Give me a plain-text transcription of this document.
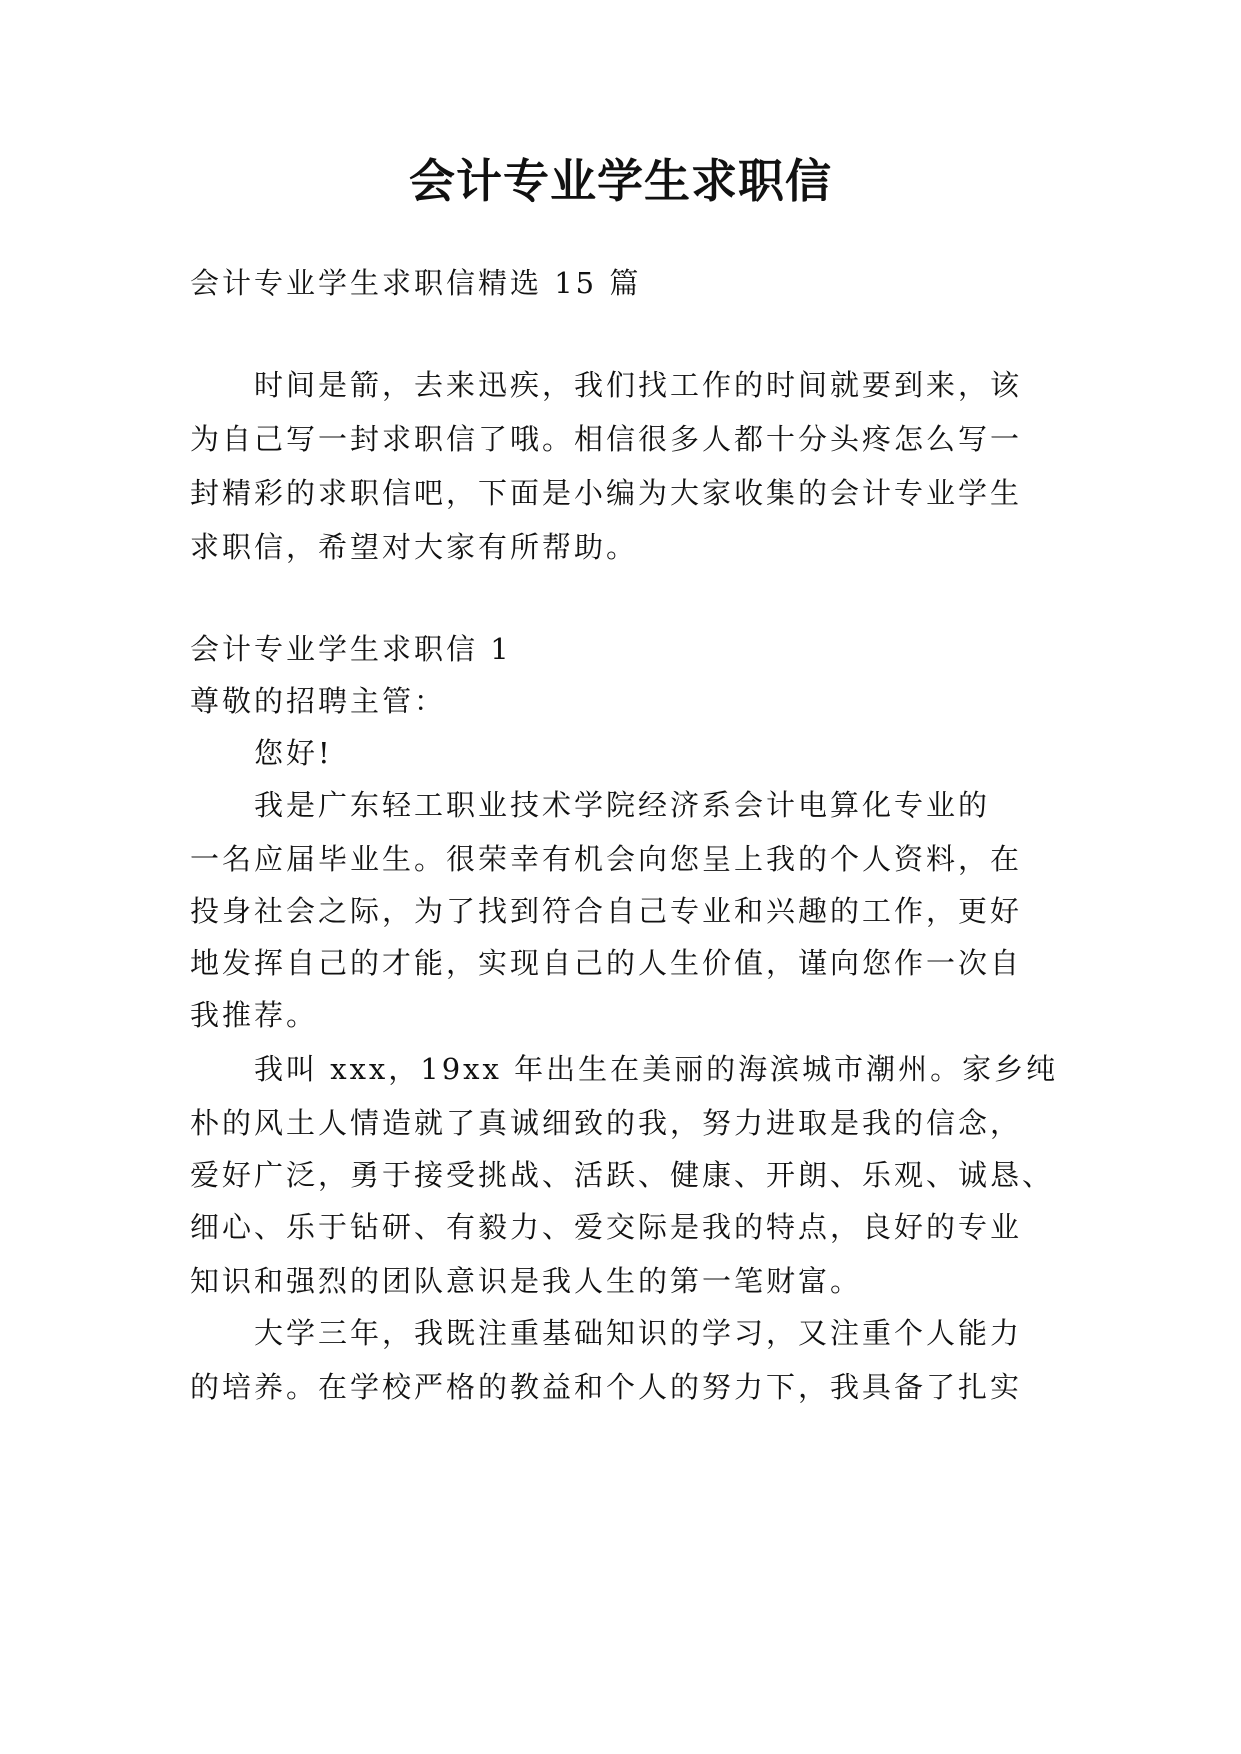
会计专业学生求职信
会计专业学生求职信精选 15 篇
时间是箭，去来迅疾，我们找工作的时间就要到来，该
为自己写一封求职信了哦。相信很多人都十分头疼怎么写一
封精彩的求职信吧，下面是小编为大家收集的会计专业学生
求职信，希望对大家有所帮助。
会计专业学生求职信 1
尊敬的招聘主管：
您好!
我是广东轻工职业技术学院经济系会计电算化专业的
一名应届毕业生。很荣幸有机会向您呈上我的个人资料，在
投身社会之际，为了找到符合自己专业和兴趣的工作，更好
地发挥自己的才能，实现自己的人生价值，谨向您作一次自
我推荐。
我叫 xxx，19xx 年出生在美丽的海滨城市潮州。家乡纯
朴的风土人情造就了真诚细致的我，努力进取是我的信念，
爱好广泛，勇于接受挑战、活跃、健康、开朗、乐观、诚恳、
细心、乐于钻研、有毅力、爱交际是我的特点，良好的专业
知识和强烈的团队意识是我人生的第一笔财富。
大学三年，我既注重基础知识的学习，又注重个人能力
的培养。在学校严格的教益和个人的努力下，我具备了扎实
